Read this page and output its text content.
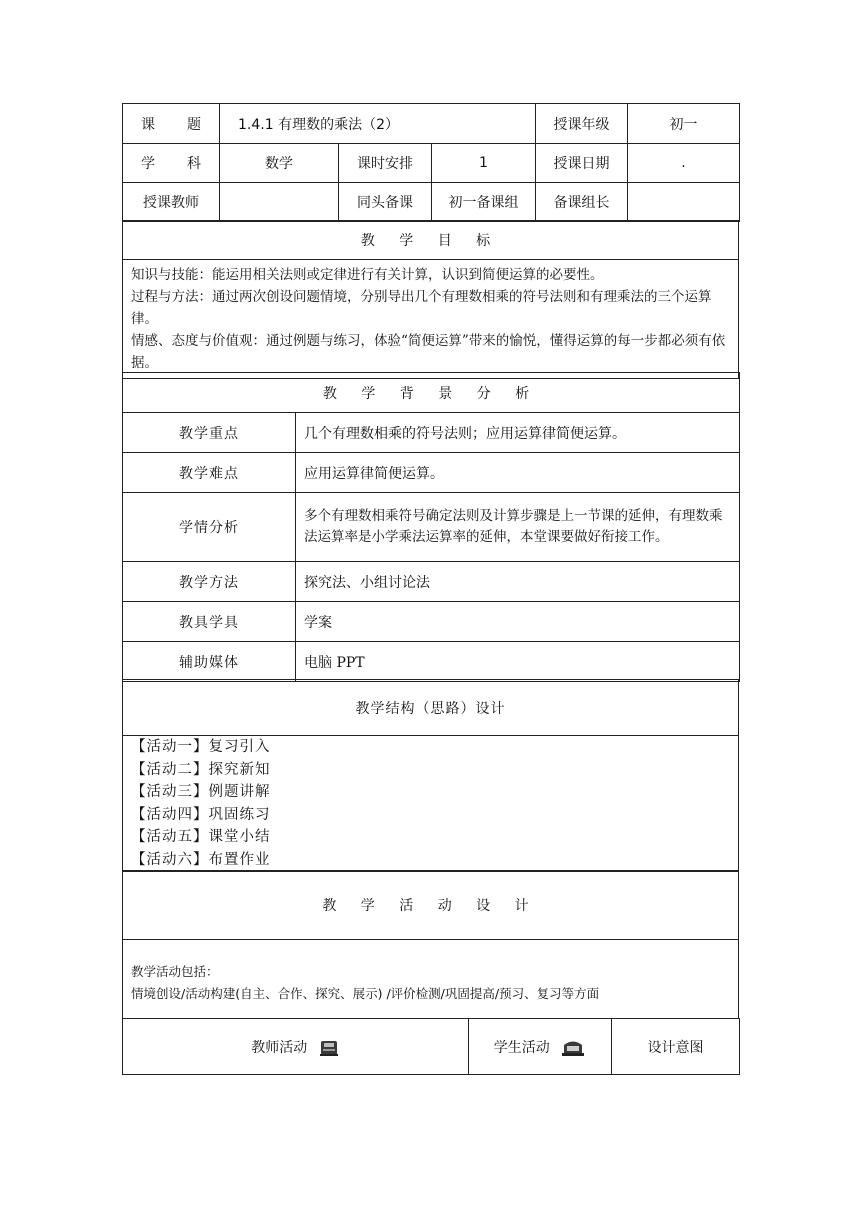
课 题	1.4.1 有理数的乘法（2）			授课年级	初一

学 科	数学	课时安排	1	授课日期	.
授课教师		同头备课	初一备课组	备课组长	
教 学 目 标

知识与技能：能运用相关法则或定律进行有关计算，认识到简便运算的必要性。
过程与方法：通过两次创设问题情境，分别导出几个有理数相乘的符号法则和有理乘法的三个运算律。
情感、态度与价值观：通过例题与练习，体验“简便运算”带来的愉悦，懂得运算的每一步都必须有依据。
教 学 背 景 分 析	
教学重点	几个有理数相乘的符号法则；应用运算律简便运算。
教学难点	应用运算律简便运算。
学情分析	多个有理数相乘符号确定法则及计算步骤是上一节课的延伸，有理数乘法运算率是小学乘法运算率的延伸，本堂课要做好衔接工作。
教学方法	探究法、小组讨论法
教具学具	学案
辅助媒体	电脑 PPT
教学结构（思路）设计

【活动一】复习引入
【活动二】探究新知
【活动三】例题讲解
【活动四】巩固练习
【活动五】课堂小结
【活动六】布置作业
教 学 活 动 设 计

教学活动包括：
情境创设/活动构建(自主、合作、探究、展示) /评价检测/巩固提高/预习、复习等方面
教师活动	学生活动	设计意图
